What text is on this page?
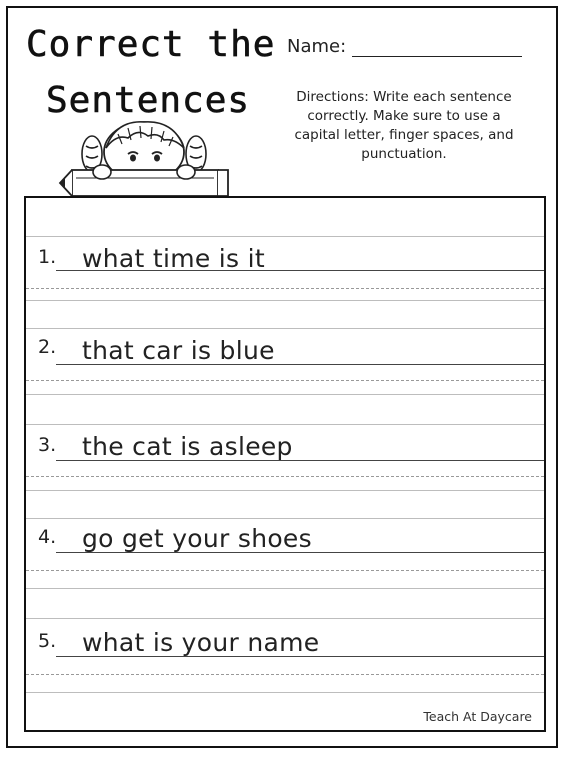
Correct the
Sentences
Name:
Directions: Write each sentence correctly. Make sure to use a capital letter, finger spaces, and punctuation.
1. what time is it
2. that car is blue
3. the cat is asleep
4. go get your shoes
5. what is your name
Teach At Daycare
